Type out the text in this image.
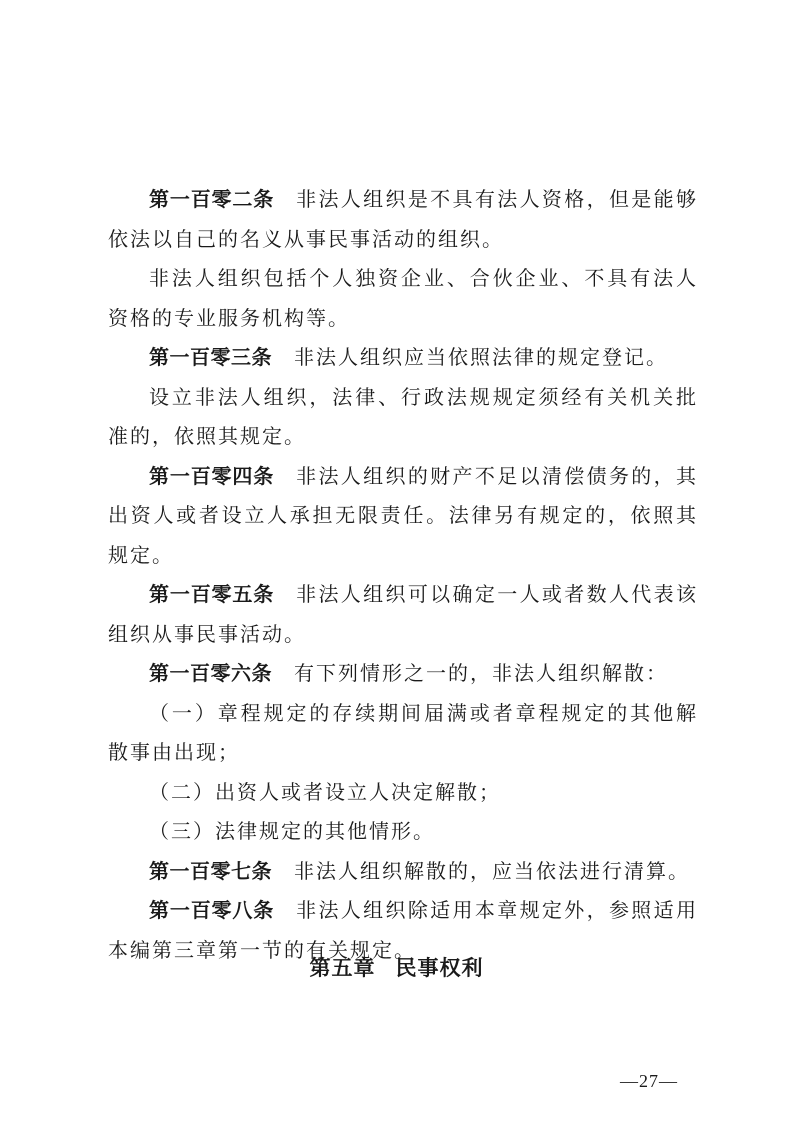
第一百零二条 非法人组织是不具有法人资格，但是能够依法以自己的名义从事民事活动的组织。

非法人组织包括个人独资企业、合伙企业、不具有法人资格的专业服务机构等。

第一百零三条 非法人组织应当依照法律的规定登记。

设立非法人组织，法律、行政法规规定须经有关机关批准的，依照其规定。

第一百零四条 非法人组织的财产不足以清偿债务的，其出资人或者设立人承担无限责任。法律另有规定的，依照其规定。

第一百零五条 非法人组织可以确定一人或者数人代表该组织从事民事活动。

第一百零六条 有下列情形之一的，非法人组织解散：

（一）章程规定的存续期间届满或者章程规定的其他解散事由出现；

（二）出资人或者设立人决定解散；

（三）法律规定的其他情形。

第一百零七条 非法人组织解散的，应当依法进行清算。

第一百零八条 非法人组织除适用本章规定外，参照适用本编第三章第一节的有关规定。

第五章 民事权利
—27—
